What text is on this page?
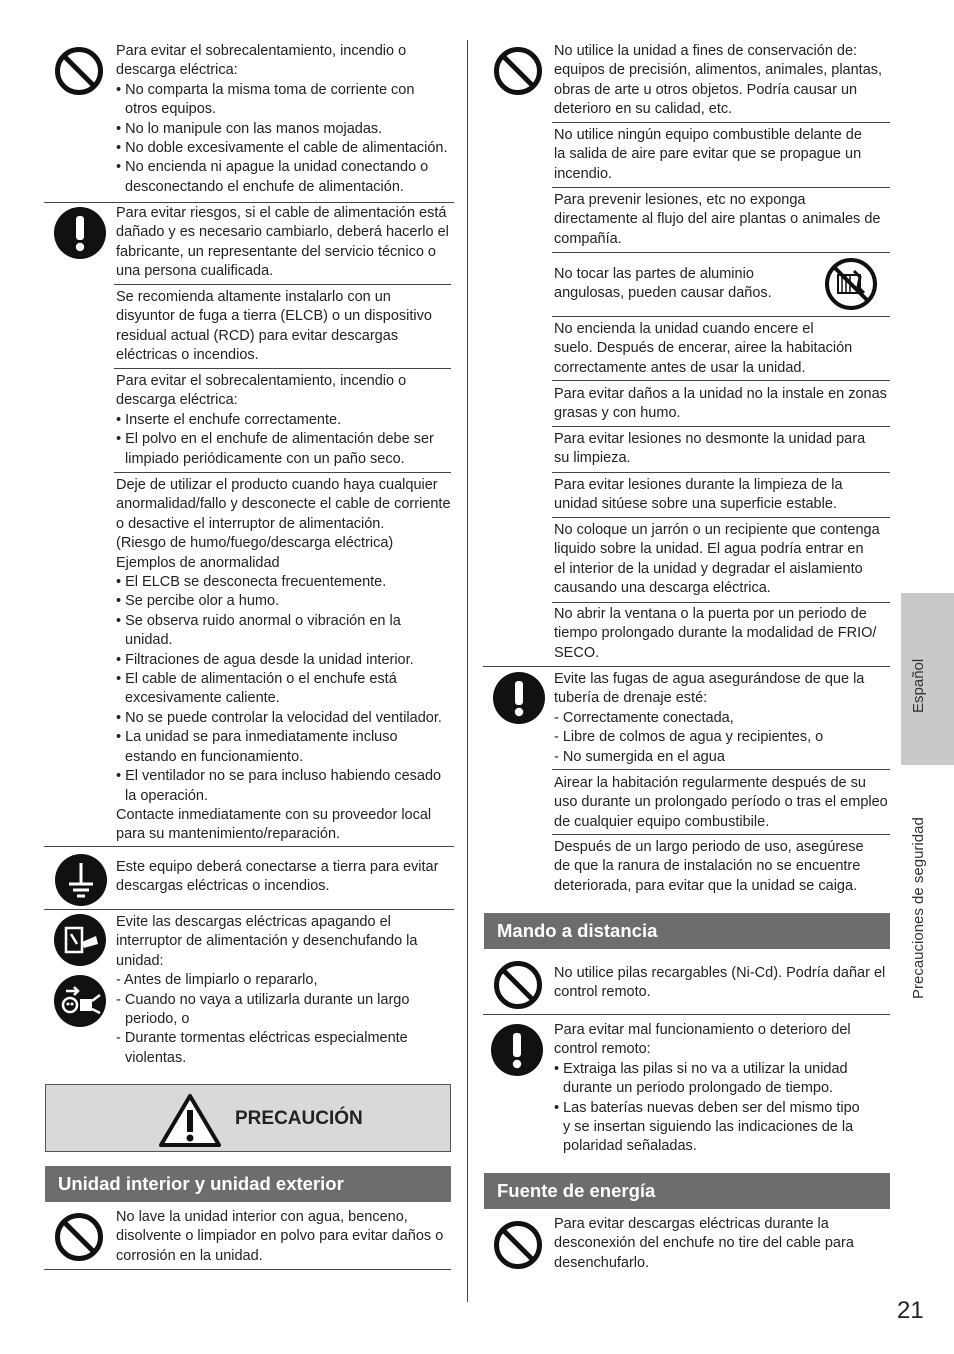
Para evitar el sobrecalentamiento, incendio o

descarga eléctrica:

• No comparta la misma toma de corriente con

otros equipos.

• No lo manipule con las manos mojadas.

• No doble excesivamente el cable de alimentación.

• No encienda ni apague la unidad conectando o

desconectando el enchufe de alimentación.

Para evitar riesgos, si el cable de alimentación está

dañado y es necesario cambiarlo, deberá hacerlo el

fabricante, un representante del servicio técnico o

una persona cualificada.

Se recomienda altamente instalarlo con un

disyuntor de fuga a tierra (ELCB) o un dispositivo

residual actual (RCD) para evitar descargas

eléctricas o incendios.

Para evitar el sobrecalentamiento, incendio o

descarga eléctrica:

• Inserte el enchufe correctamente.

• El polvo en el enchufe de alimentación debe ser

limpiado periódicamente con un paño seco.

Deje de utilizar el producto cuando haya cualquier

anormalidad/fallo y desconecte el cable de corriente

o desactive el interruptor de alimentación.

(Riesgo de humo/fuego/descarga eléctrica)

Ejemplos de anormalidad

• El ELCB se desconecta frecuentemente.

• Se percibe olor a humo.

• Se observa ruido anormal o vibración en la

unidad.

• Filtraciones de agua desde la unidad interior.

• El cable de alimentación o el enchufe está

excesivamente caliente.

• No se puede controlar la velocidad del ventilador.

• La unidad se para inmediatamente incluso

estando en funcionamiento.

• El ventilador no se para incluso habiendo cesado

la operación.

Contacte inmediatamente con su proveedor local

para su mantenimiento/reparación.

Este equipo deberá conectarse a tierra para evitar

descargas eléctricas o incendios.

Evite las descargas eléctricas apagando el

interruptor de alimentación y desenchufando la

unidad:

- Antes de limpiarlo o repararlo,

- Cuando no vaya a utilizarla durante un largo

periodo, o

- Durante tormentas eléctricas especialmente

violentas.

PRECAUCIÓN
Unidad interior y unidad exterior

No lave la unidad interior con agua, benceno,

disolvente o limpiador en polvo para evitar daños o

corrosión en la unidad.

No utilice la unidad a fines de conservación de:

equipos de precisión, alimentos, animales, plantas,

obras de arte u otros objetos. Podría causar un

deterioro en su calidad, etc.

No utilice ningún equipo combustible delante de

la salida de aire pare evitar que se propague un

incendio.

Para prevenir lesiones, etc no exponga

directamente al flujo del aire plantas o animales de

compañía.

No tocar las partes de aluminio

angulosas, pueden causar daños.

No encienda la unidad cuando encere el

suelo. Después de encerar, airee la habitación

correctamente antes de usar la unidad.

Para evitar daños a la unidad no la instale en zonas

grasas y con humo.

Para evitar lesiones no desmonte la unidad para

su limpieza.

Para evitar lesiones durante la limpieza de la

unidad sitúese sobre una superficie estable.

No coloque un jarrón o un recipiente que contenga

liquido sobre la unidad. El agua podría entrar en

el interior de la unidad y degradar el aislamiento

causando una descarga eléctrica.

No abrir la ventana o la puerta por un periodo de

tiempo prolongado durante la modalidad de FRIO/

SECO.

Evite las fugas de agua asegurándose de que la

tubería de drenaje esté:

- Correctamente conectada,

- Libre de colmos de agua y recipientes, o

- No sumergida en el agua

Airear la habitación regularmente después de su

uso durante un prolongado período o tras el empleo

de cualquier equipo combustibile.

Después de un largo periodo de uso, asegúrese

de que la ranura de instalación no se encuentre

deteriorada, para evitar que la unidad se caiga.

Mando a distancia

No utilice pilas recargables (Ni-Cd). Podría dañar el

control remoto.

Para evitar mal funcionamiento o deterioro del

control remoto:

• Extraiga las pilas si no va a utilizar la unidad

durante un periodo prolongado de tiempo.

• Las baterías nuevas deben ser del mismo tipo

y se insertan siguiendo las indicaciones de la

polaridad señaladas.

Fuente de energía

Para evitar descargas eléctricas durante la

desconexión del enchufe no tire del cable para

desenchufarlo.

Español
Precauciones de seguridad
21
